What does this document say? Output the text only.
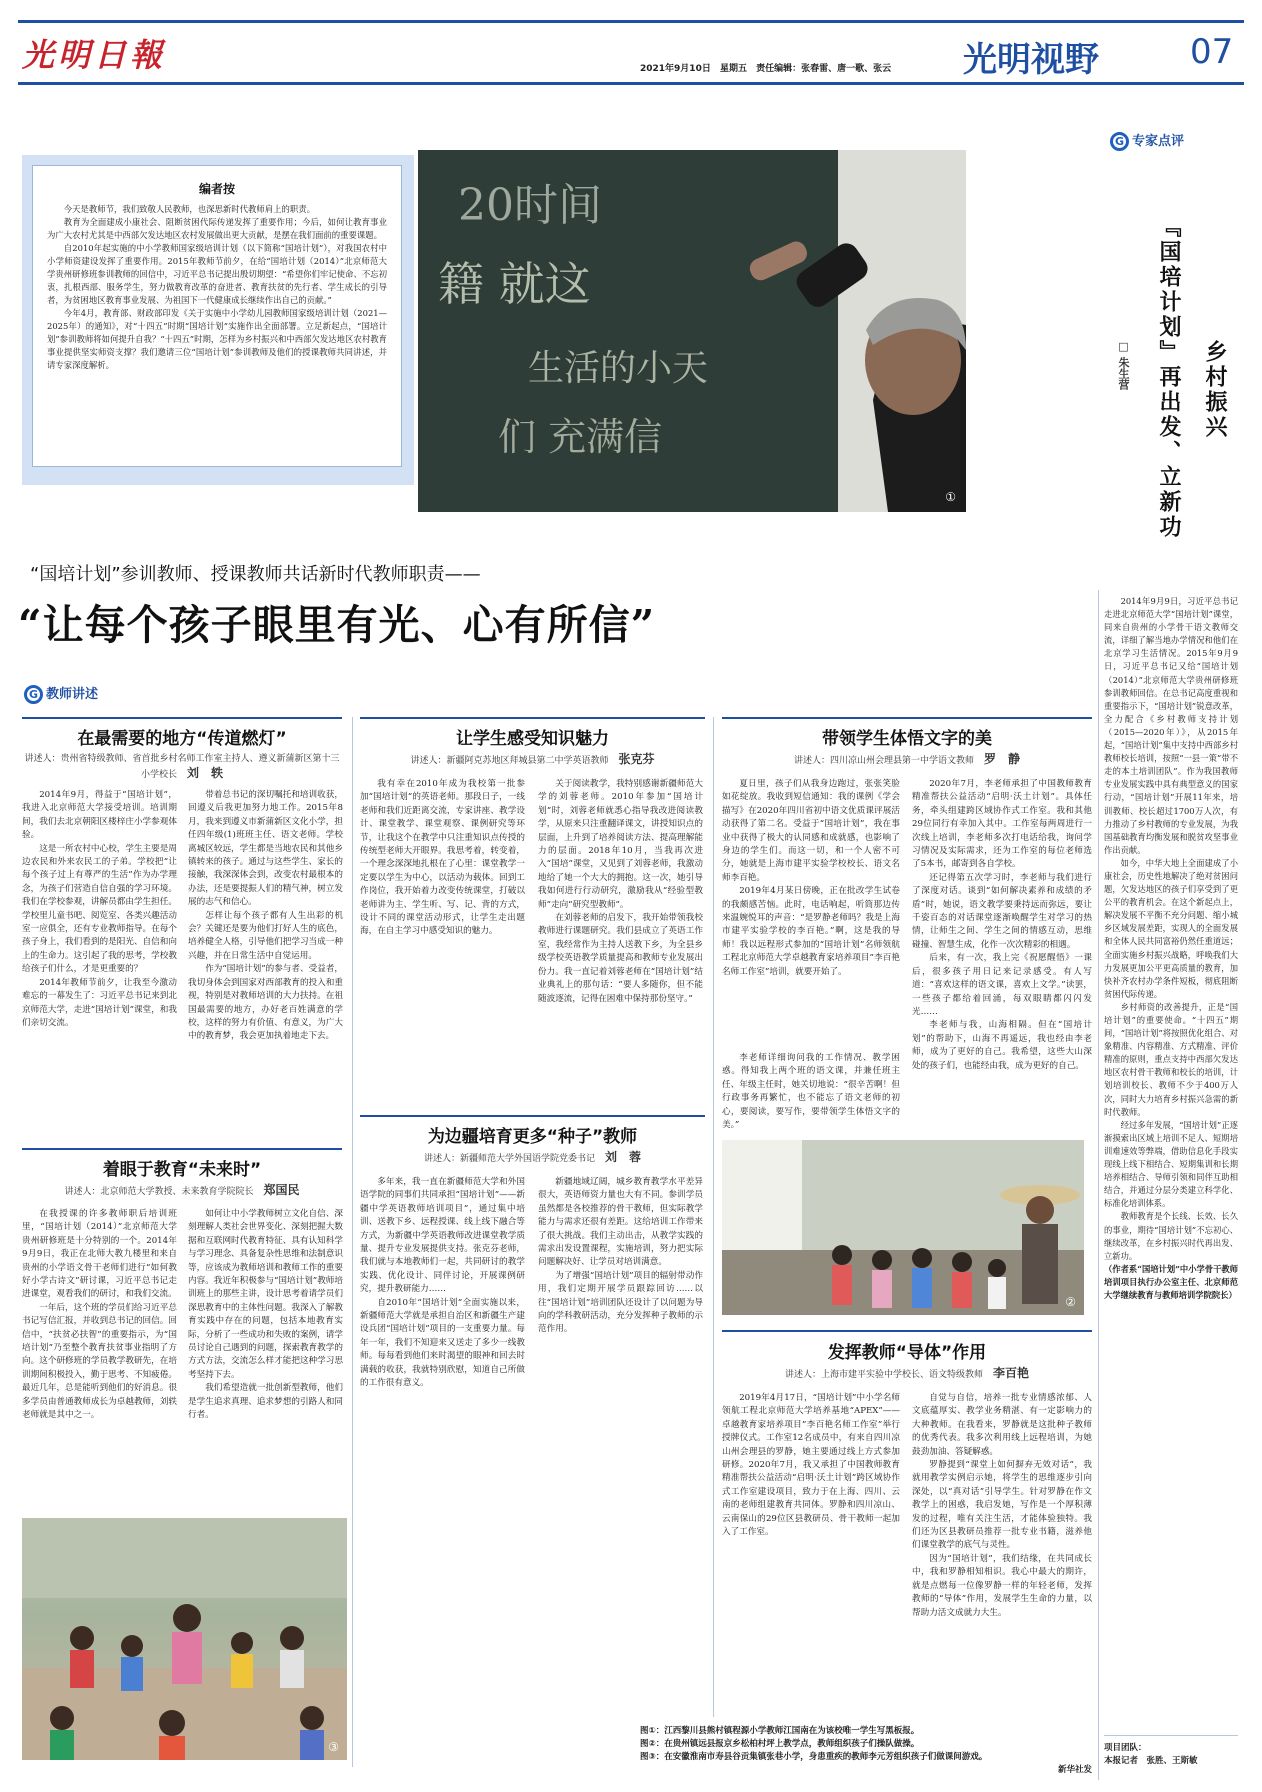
光明日報	2021年9月10日 星期五 责任编辑：张春雷、唐一歌、张云 光明视野	07
编者按

今天是教师节，我们致敬人民教师，也深思新时代教师肩上的职责。

教育为全面建成小康社会、阻断贫困代际传递发挥了重要作用；今后，如何让教育事业为广大农村尤其是中西部欠发达地区农村发展做出更大贡献，是摆在我们面前的重要课题。

自2010年起实施的中小学教师国家级培训计划（以下简称“国培计划”），对我国农村中小学师资建设发挥了重要作用。2015年教师节前夕，在给“国培计划（2014）”北京师范大学贵州研修班参训教师的回信中，习近平总书记提出殷切期望：“希望你们牢记使命、不忘初衷，扎根西部、服务学生，努力做教育改革的奋进者、教育扶贫的先行者、学生成长的引导者，为贫困地区教育事业发展、为祖国下一代健康成长继续作出自己的贡献。”

今年4月，教育部、财政部印发《关于实施中小学幼儿园教师国家级培训计划（2021—2025年）的通知》，对“十四五”时期“国培计划”实施作出全面部署。立足新起点，“国培计划”参训教师将如何提升自我？“十四五”时期，怎样为乡村振兴和中西部欠发达地区农村教育事业提供坚实师资支撑？我们邀请三位“国培计划”参训教师及他们的授课教师共同讲述，并请专家深度解析。

20时间
籍 就这
生活的小天
们 充满信
①
G 专家点评
乡村振兴
『国培计划』再出发、立新功
□ 朱生营

2014年9月9日，习近平总书记走进北京师范大学“国培计划”课堂，同来自贵州的小学骨干语文教师交流，详细了解当地办学情况和他们在北京学习生活情况。2015年9月9日，习近平总书记又给“国培计划（2014）”北京师范大学贵州研修班参训教师回信。在总书记高度重视和重要指示下，“国培计划”锐意改革，全力配合《乡村教师支持计划（2015—2020年）》，从2015年起，“国培计划”集中支持中西部乡村教师校长培训，按照“一县一策”带不走的本土培训团队”。作为我国教师专业发展实践中具有典型意义的国家行动，“国培计划”开展11年来，培训教师、校长超过1700万人次，有力推动了乡村教师的专业发展，为我国基础教育均衡发展和脱贫攻坚事业作出贡献。

如今，中华大地上全面建成了小康社会，历史性地解决了绝对贫困问题，欠发达地区的孩子们享受到了更公平的教育机会。在这个新起点上，解决发展不平衡不充分问题、缩小城乡区域发展差距，实现人的全面发展和全体人民共同富裕仍然任重道远；全面实施乡村振兴战略，呼唤我们大力发展更加公平更高质量的教育，加快补齐农村办学条件短板，彻底阻断贫困代际传递。

乡村师资的改善提升，正是“国培计划”的重要使命。“十四五”期间，“国培计划”将按照优化组合、对象精准、内容精准、方式精准、评价精准的原则，重点支持中西部欠发达地区农村骨干教师和校长的培训，计划培训校长、教师不少于400万人次，同时大力培育乡村振兴急需的新时代教师。

经过多年发展，“国培计划”正逐渐摸索出区域上培训不足人、短期培训难速效等弊端，借助信息化手段实现线上线下相结合、短期集训和长期培养相结合、导师引领和同伴互助相结合，并通过分层分类建立科学化、标准化培训体系。

教师教育是个长线、长效、长久的事业，期待“国培计划”不忘初心、继续改革，在乡村振兴时代再出发、立新功。

（作者系“国培计划”中小学骨干教师培训项目执行办公室主任、北京师范大学继续教育与教师培训学院院长）

项目团队：
本报记者　张胜、王斯敏
“国培计划”参训教师、授课教师共话新时代教师职责——
“让每个孩子眼里有光、心有所信”
G 教师讲述
在最需要的地方“传道燃灯”
讲述人：贵州省特级教师、省首批乡村名师工作室主持人、遵义新蒲新区第十三小学校长 刘　轶

2014年9月，得益于“国培计划”，我进入北京师范大学接受培训。培训期间，我们去北京朝阳区楼梓庄小学参观体验。

这是一所农村中心校，学生主要是周边农民和外来农民工的子弟。学校把“让每个孩子过上有尊严的生活”作为办学理念，为孩子们营造自信自强的学习环境。我们在学校参观，讲解员都由学生担任。学校里儿童书吧、阅览室、各类兴趣活动室一应俱全，还有专业教师指导。在每个孩子身上，我们看到的是阳光、自信和向上的生命力。这引起了我的思考，学校教给孩子们什么，才是更重要的？

2014年教师节前夕，让我至今激动难忘的一幕发生了：习近平总书记来到北京师范大学，走进“国培计划”课堂，和我们亲切交流。

带着总书记的深切嘱托和培训收获，回遵义后我更加努力地工作。2015年8月，我来到遵义市新蒲新区文化小学，担任四年级(1)班班主任、语文老师。学校离城区较远，学生都是当地农民和其他乡镇转来的孩子。通过与这些学生、家长的接触，我深深体会到，改变农村最根本的办法，还是要提振人们的精气神，树立发展的志气和信心。

怎样让每个孩子都有人生出彩的机会？关键还是要为他们打好人生的底色，培养健全人格，引导他们把学习当成一种兴趣，并在日常生活中自觉运用。

作为“国培计划”的参与者、受益者，我切身体会到国家对西部教育的投入和重视，特别是对教师培训的大力扶持。在祖国最需要的地方，办好老百姓满意的学校，这样的努力有价值、有意义，为广大中的教育梦，我会更加执着地走下去。

着眼于教育“未来时”
讲述人：北京师范大学教授、未来教育学院院长 郑国民

在我授课的许多教师职后培训班里，“国培计划（2014）”北京师范大学贵州研修班是十分特别的一个。2014年9月9日，我正在北师大教九楼里和来自贵州的小学语文骨干老师们进行“如何教好小学古诗文”研讨课，习近平总书记走进课堂，观看我们的研讨，和我们交流。

一年后，这个班的学员们给习近平总书记写信汇报，并收到总书记的回信。回信中，“扶贫必扶智”的重要指示，为“国培计划”乃至整个教育扶贫事业指明了方向。这个研修班的学员教学教研先，在培训期间积极投入，勤于思考、不知疲倦。最近几年，总是能听到他们的好消息。很多学员由普通教师成长为卓越教师，刘轶老师就是其中之一。

如何让中小学教师树立文化自信、深刻理解人类社会世界变化、深刻把握大数据和互联网时代教育特征、具有认知科学与学习理念、具备复杂性思维和法制意识等，应该成为教师培训和教师工作的重要内容。我近年积极参与“国培计划”教师培训班上的那些主讲，设计思考着请学员们深思教育中的主体性问题。我深入了解教育实践中存在的问题，包括本地教育实际，分析了一些成功和失败的案例，请学员讨论自己遇到的问题，探索教育教学的方式方法，交流怎么样才能把这种学习思考坚持下去。

我们希望造就一批创新型教师，他们是学生追求真理、追求梦想的引路人和同行者。

③
让学生感受知识魅力
讲述人：新疆阿克苏地区拜城县第二中学英语教师 张克芬

我有幸在2010年成为我校第一批参加“国培计划”的英语老师。那段日子，一线老师和我们近距离交流，专家讲座、教学设计、课堂教学、课堂观察、课例研究等环节，让我这个在教学中只注重知识点传授的传统型老师大开眼界。我思考着，转变着，一个理念深深地扎根在了心里：课堂教学一定要以学生为中心，以活动为载体。回到工作岗位，我开始着力改变传统课堂，打破以老师讲为主、学生听、写、记、背的方式，设计不同的课堂活动形式，让学生走出题海，在自主学习中感受知识的魅力。

关于阅读教学，我特别感谢新疆师范大学的刘蓉老师。2010年参加“国培计划”时，刘蓉老师就悉心指导我改进阅读教学，从原来只注重翻译课文，讲授知识点的层面，上升到了培养阅读方法、提高理解能力的层面。2018年10月，当我再次进入“国培”课堂，又见到了刘蓉老师，我激动地给了她一个大大的拥抱。这一次，她引导我如何进行行动研究，激励我从“经验型教师”走向“研究型教师”。

在刘蓉老师的启发下，我开始带领我校教师进行课题研究。我们县成立了英语工作室，我经常作为主持人送教下乡，为全县乡级学校英语教学质量提高和教师专业发展出份力。我一直记着刘蓉老师在“国培计划”结业典礼上的那句话：“要人多随你，但不能随波逐流，记得在困难中保持那份坚守。”

为边疆培育更多“种子”教师
讲述人：新疆师范大学外国语学院党委书记 刘　蓉

多年来，我一直在新疆师范大学和外国语学院的同事们共同承担“国培计划”——新疆中学英语教师培训项目”，通过集中培训、送教下乡、远程授课、线上线下融合等方式，为新疆中学英语教师改进课堂教学质量、提升专业发展提供支持。张克芬老师，我们就与本地教师们一起，共同研讨的教学实践、优化设计、同伴讨论，开展课例研究，提升教研能力……

自2010年“国培计划”全面实施以来，新疆师范大学就是承担自治区和新疆生产建设兵团“国培计划”项目的一支重要力量。每年一年，我们不知迎来又送走了多少一线教师。每每看到他们来时渴望的眼神和回去时满载的收获，我就特别欣慰，知道自己所做的工作很有意义。

新疆地域辽阔，城乡教育教学水平差异很大，英语师资力量也大有不同。参训学员虽然都是各校推荐的骨干教师，但实际教学能力与需求还很有差距。这给培训工作带来了很大挑战。我们主动出击，从教学实践的需求出发设置课程，实施培训，努力把实际问题解决好、让学员对培训满意。

为了增强“国培计划”项目的辐射带动作用，我们定期开展学员跟踪回访……以往“国培计划”培训团队还设计了以问题为导向的学科教研活动，充分发挥种子教师的示范作用。

带领学生体悟文字的美
讲述人：四川凉山州会理县第一中学语文教师 罗　静

夏日里，孩子们从我身边跑过，张张笑脸如花绽放。我收到短信通知：我的课例《学会描写》在2020年四川省初中语文优质课评展活动获得了第二名。受益于“国培计划”，我在事业中获得了极大的认同感和成就感，也影响了身边的学生们。而这一切，和一个人密不可分，她就是上海市建平实验学校校长、语文名师李百艳。

2019年4月某日傍晚，正在批改学生试卷的我颇感苦恼。此时，电话响起，听筒那边传来温婉悦耳的声音：“是罗静老师吗？我是上海市建平实验学校的李百艳。”啊，这是我的导师！我以远程形式参加的“国培计划”名师领航工程北京师范大学卓越教育家培养项目”李百艳名师工作室”培训，就要开始了。

2020年7月，李老师承担了中国教师教育精准帮扶公益活动“启明·沃土计划”。具体任务，牵头组建跨区域协作式工作室。我和其他29位同行有幸加入其中。工作室每两周进行一次线上培训，李老师多次打电话给我，询问学习情况及实际需求，还为工作室的每位老师选了5本书，邮寄到各自学校。

还记得第五次学习时，李老师与我们进行了深度对话。谈到“如何解决素养和成绩的矛盾”时，她说，语文教学要秉持远而弥远，要让千姿百态的对话课堂逐渐唤醒学生对学习的热情，让师生之间、学生之间的情感互动，思维碰撞、智慧生成，化作一次次精彩的相遇。

后来，有一次，我上完《祝愿醒悟》一课后，很多孩子用日记来记录感受。有人写道：“喜欢这样的语文课，喜欢上文学。”读罢，一些孩子都给着回涌，每双眼睛都闪闪发光……

李老师与我，山海相隔。但在“国培计划”的帮助下，山海不再遥远，我也经由李老师，成为了更好的自己。我希望，这些大山深处的孩子们，也能经由我，成为更好的自己。

李老师详细询问我的工作情况、教学困惑。得知我上两个班的语文课，并兼任班主任、年级主任时，她关切地说：“很辛苦啊！但行政事务再繁忙，也不能忘了语文老师的初心，要阅读，要写作，要带领学生体悟文字的美。”

②
发挥教师“导体”作用
讲述人：上海市建平实验中学校长、语文特级教师 李百艳

2019年4月17日，“国培计划”中小学名师领航工程北京师范大学培养基地“APEX”——卓越教育家培养项目”李百艳名师工作室”举行授牌仪式。工作室12名成员中，有来自四川凉山州会理县的罗静，她主要通过线上方式参加研修。2020年7月，我又承担了中国教师教育精准帮扶公益活动“启明·沃土计划”跨区域协作式工作室建设项目，致力于在上海、四川、云南的老师组建教育共同体。罗静和四川凉山、云南保山的29位区县教研员、骨干教师一起加入了工作室。

自觉与自信，培养一批专业情感浓郁、人文底蕴厚实、教学业务精湛、有一定影响力的大种教师。在我看来，罗静就是这批种子教师的优秀代表。我多次利用线上远程培训，为她鼓劲加油、答疑解惑。

罗静提到“课堂上如何摒弃无效对话”，我就用教学实例启示她，将学生的思维逐步引向深处，以“真对话”引导学生。针对罗静在作文教学上的困惑，我启发她，写作是一个厚积薄发的过程，唯有关注生活，才能体验独特。我们还为区县教研员推荐一批专业书籍，滋养他们课堂教学的底气与灵性。

因为“国培计划”，我们结缘，在共同成长中，我和罗静相知相识。我心中最大的期许，就是点燃每一位像罗静一样的年轻老师，发挥教师的“导体”作用，发展学生生命的力量，以帮助力活文成就力大生。

图①：江西黎川县熊村镇程源小学教师江国南在为该校唯一学生写黑板报。
图②：在贵州镇远县报京乡松柏村坪上教学点，教师组织孩子们操队做操。
图③：在安徽淮南市寿县谷贡集镇张巷小学，身患重疾的教师李元芳组织孩子们做课间游戏。
新华社发
